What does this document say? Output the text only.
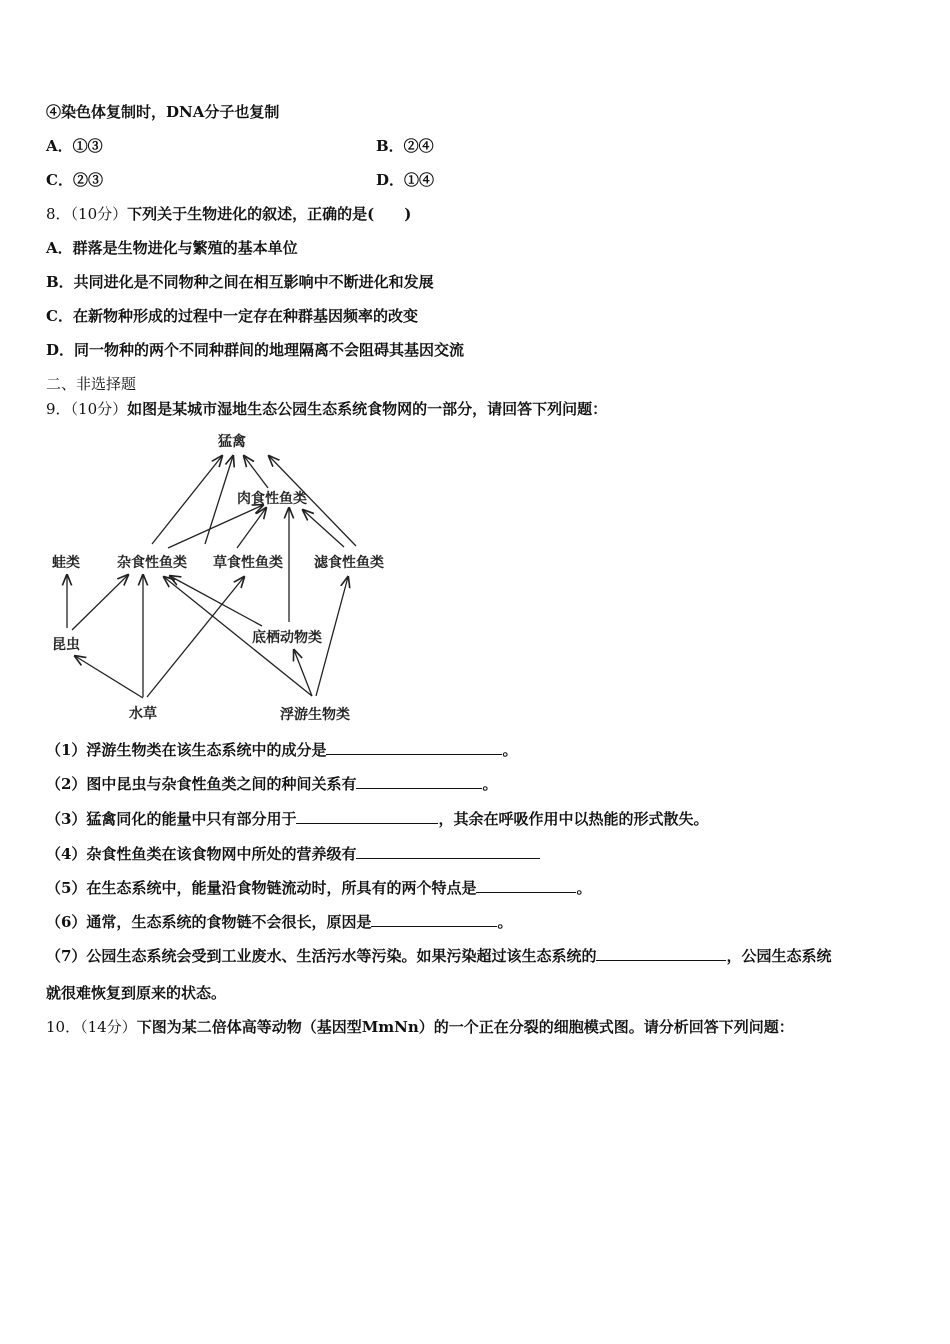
④染色体复制时，DNA分子也复制
A．①③	B．②④
C．②③	D．①④
8．（10分）下列关于生物进化的叙述，正确的是(　　)
A．群落是生物进化与繁殖的基本单位
B．共同进化是不同物种之间在相互影响中不断进化和发展
C．在新物种形成的过程中一定存在种群基因频率的改变
D．同一物种的两个不同种群间的地理隔离不会阻碍其基因交流
二、非选择题
9．（10分）如图是某城市湿地生态公园生态系统食物网的一部分，请回答下列问题：
猛禽
肉食性鱼类
蛙类	杂食性鱼类 草食性鱼类 滤食性鱼类
昆虫	底栖动物类
水草	浮游生物类
（1）浮游生物类在该生态系统中的成分是	。
（2）图中昆虫与杂食性鱼类之间的种间关系有	。
（3）猛禽同化的能量中只有部分用于	，其余在呼吸作用中以热能的形式散失。
（4）杂食性鱼类在该食物网中所处的营养级有
（5）在生态系统中，能量沿食物链流动时，所具有的两个特点是	。
（6）通常，生态系统的食物链不会很长，原因是	。
（7）公园生态系统会受到工业废水、生活污水等污染。如果污染超过该生态系统的	，公园生态系统
就很难恢复到原来的状态。
10．（14分）下图为某二倍体高等动物（基因型MmNn）的一个正在分裂的细胞模式图。请分析回答下列问题：
